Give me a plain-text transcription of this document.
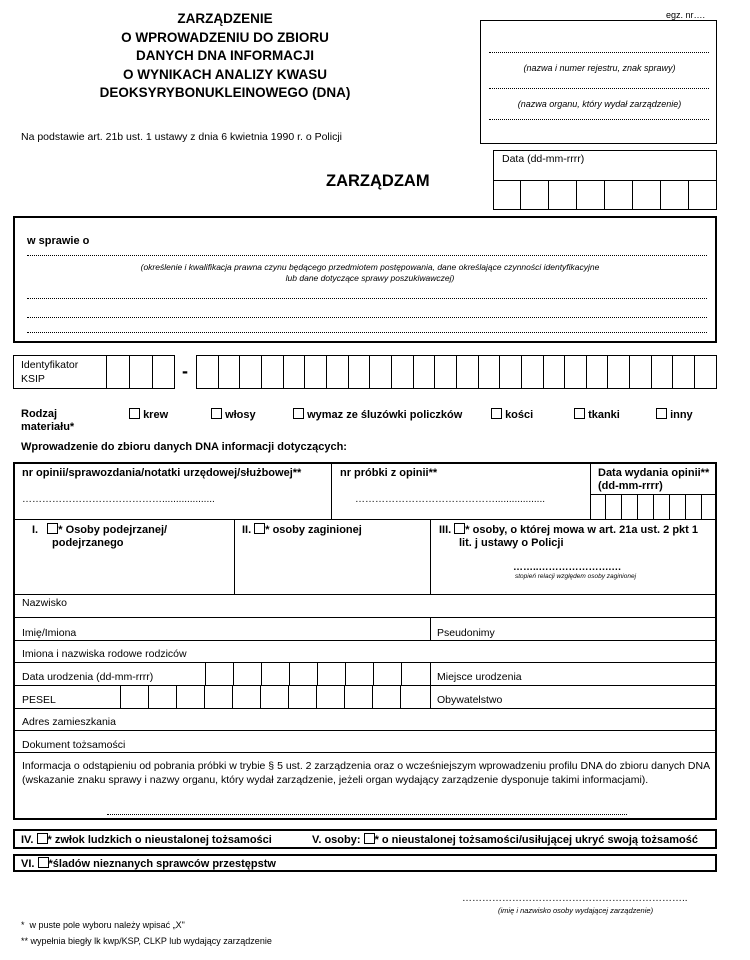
ZARZĄDZENIE
O WPROWADZENIU DO ZBIORU
DANYCH DNA INFORMACJI
O WYNIKACH ANALIZY KWASU
DEOKSYRYBONUKLEINOWEGO (DNA)
egz. nr….
(nazwa i numer rejestru, znak sprawy)
(nazwa organu, który wydał zarządzenie)
Na podstawie art. 21b ust. 1 ustawy z dnia 6 kwietnia 1990 r. o Policji
Data (dd-mm-rrrr)
ZARZĄDZAM
w sprawie o
(określenie i kwalifikacja prawna czynu będącego przedmiotem postępowania, dane określające czynności identyfikacyjne
lub dane dotyczące sprawy poszukiwawczej)
Identyfikator
KSIP	-
Rodzaj
materiału*
krew	włosy	wymaz ze śluzówki policzków	kości	tkanki	inny
Wprowadzenie do zbioru danych DNA informacji dotyczących:
nr opinii/sprawozdania/notatki urzędowej/służbowej**
……………………………………...................
nr próbki z opinii**
……………………………………..................
Data wydania opinii**
(dd-mm-rrrr)
I. * Osoby podejrzanej/
podejrzanego
II. * osoby zaginionej	III. * osoby, o której mowa w art. 21a ust. 2 pkt 1
lit. j ustawy o Policji
……..………………….…
stopień relacji względem osoby zaginionej
Nazwisko
Imię/Imiona	Pseudonimy
Imiona i nazwiska rodowe rodziców
Data urodzenia (dd-mm-rrrr)	Miejsce urodzenia
PESEL	Obywatelstwo
Adres zamieszkania
Dokument tożsamości
Informacja o odstąpieniu od pobrania próbki w trybie § 5 ust. 2 zarządzenia oraz o wcześniejszym wprowadzeniu profilu DNA do zbioru danych DNA (wskazanie znaku sprawy i nazwy organu, który wydał zarządzenie, jeżeli organ wydający zarządzenie dysponuje takimi informacjami).
IV. * zwłok ludzkich o nieustalonej tożsamości	V. osoby: * o nieustalonej tożsamości/usiłującej ukryć swoją tożsamość
VI. *śladów nieznanych sprawców przestępstw
…………………………………………………………..
(imię i nazwisko osoby wydającej zarządzenie)
* w puste pole wyboru należy wpisać „X"
** wypełnia biegły lk kwp/KSP, CLKP lub wydający zarządzenie
